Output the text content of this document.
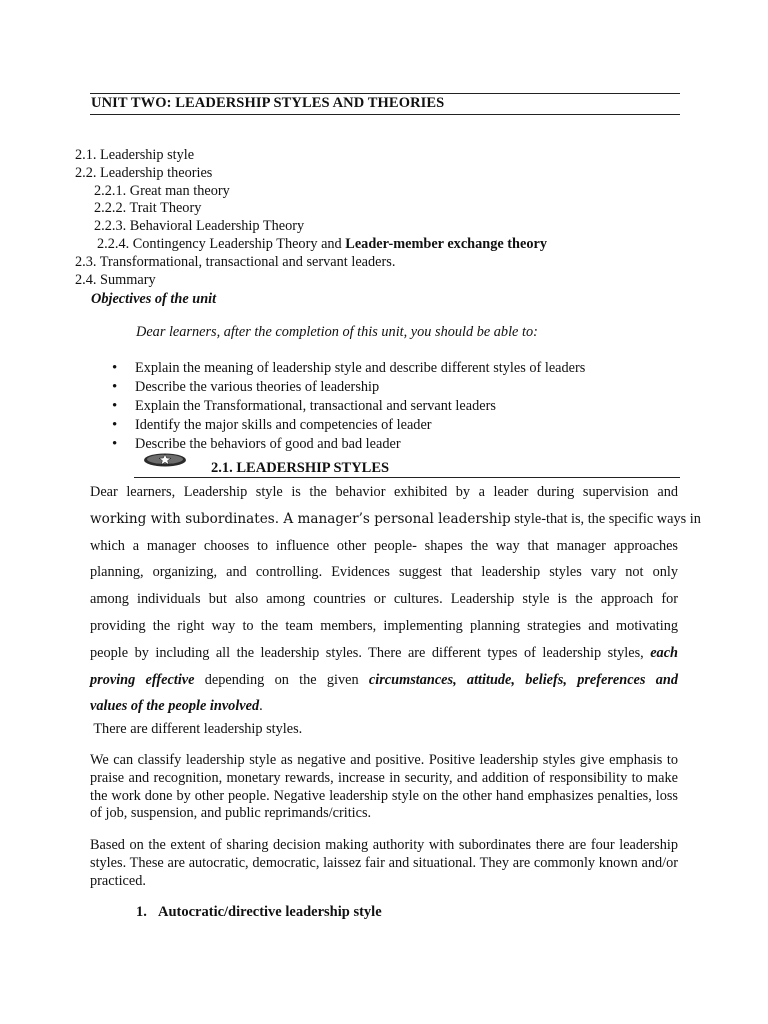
UNIT TWO: LEADERSHIP STYLES AND THEORIES
2.1. Leadership style
2.2. Leadership theories
2.2.1. Great man theory
2.2.2. Trait Theory
2.2.3. Behavioral Leadership Theory
2.2.4. Contingency Leadership Theory and Leader-member exchange theory
2.3. Transformational, transactional and servant leaders.
2.4. Summary
Objectives of the unit
Dear learners, after the completion of this unit, you should be able to:
• Explain the meaning of leadership style and describe different styles of leaders
• Describe the various theories of leadership
• Explain the Transformational, transactional and servant leaders
• Identify the major skills and competencies of leader
• Describe the behaviors of good and bad leader
2.1. LEADERSHIP STYLES
Dear learners, Leadership style is the behavior exhibited by a leader during supervision and
working with subordinates. A manager’s personal leadership style-that is, the specific ways in
which a manager chooses to influence other people- shapes the way that manager approaches
planning, organizing, and controlling. Evidences suggest that leadership styles vary not only
among individuals but also among countries or cultures. Leadership style is the approach for
providing the right way to the team members, implementing planning strategies and motivating
people by including all the leadership styles. There are different types of leadership styles, each
proving effective depending on the given circumstances, attitude, beliefs, preferences and
values of the people involved.
There are different leadership styles.
We can classify leadership style as negative and positive. Positive leadership styles give emphasis to praise and recognition, monetary rewards, increase in security, and addition of responsibility to make the work done by other people. Negative leadership style on the other hand emphasizes penalties, loss of job, suspension, and public reprimands/critics.
Based on the extent of sharing decision making authority with subordinates there are four leadership styles. These are autocratic, democratic, laissez fair and situational. They are commonly known and/or practiced.
1. Autocratic/directive leadership style
